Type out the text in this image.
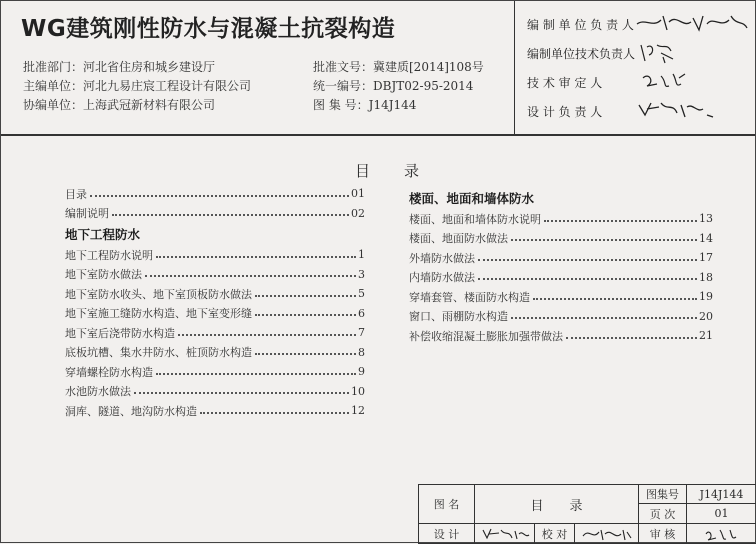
WG建筑刚性防水与混凝土抗裂构造
批准部门：河北省住房和城乡建设厅
主编单位：河北九易庄宸工程设计有限公司
协编单位：上海武冠新材料有限公司
批准文号：冀建质[2014]108号
统一编号：DBJT02-95-2014
图 集 号：J14J144
编 制 单 位 负 责 人
编制单位技术负责人
技 术 审 定 人
设 计 负 责 人
目录
目录	01
编制说明	02
地下工程防水
地下工程防水说明	1
地下室防水做法	3
地下室防水收头、地下室顶板防水做法	5
地下室施工缝防水构造、地下室变形缝	6
地下室后浇带防水构造	7
底板坑槽、集水井防水、桩顶防水构造	8
穿墙螺栓防水构造	9
水池防水做法	10
洞库、隧道、地沟防水构造	12
楼面、地面和墙体防水
楼面、地面和墙体防水说明	13
楼面、地面防水做法	14
外墙防水做法	17
内墙防水做法	18
穿墙套管、楼面防水构造	19
窗口、雨棚防水构造	20
补偿收缩混凝土膨胀加强带做法	21
图 名	目　　录
图集号	J14J144
页 次	01
设 计	校 对	审 核
